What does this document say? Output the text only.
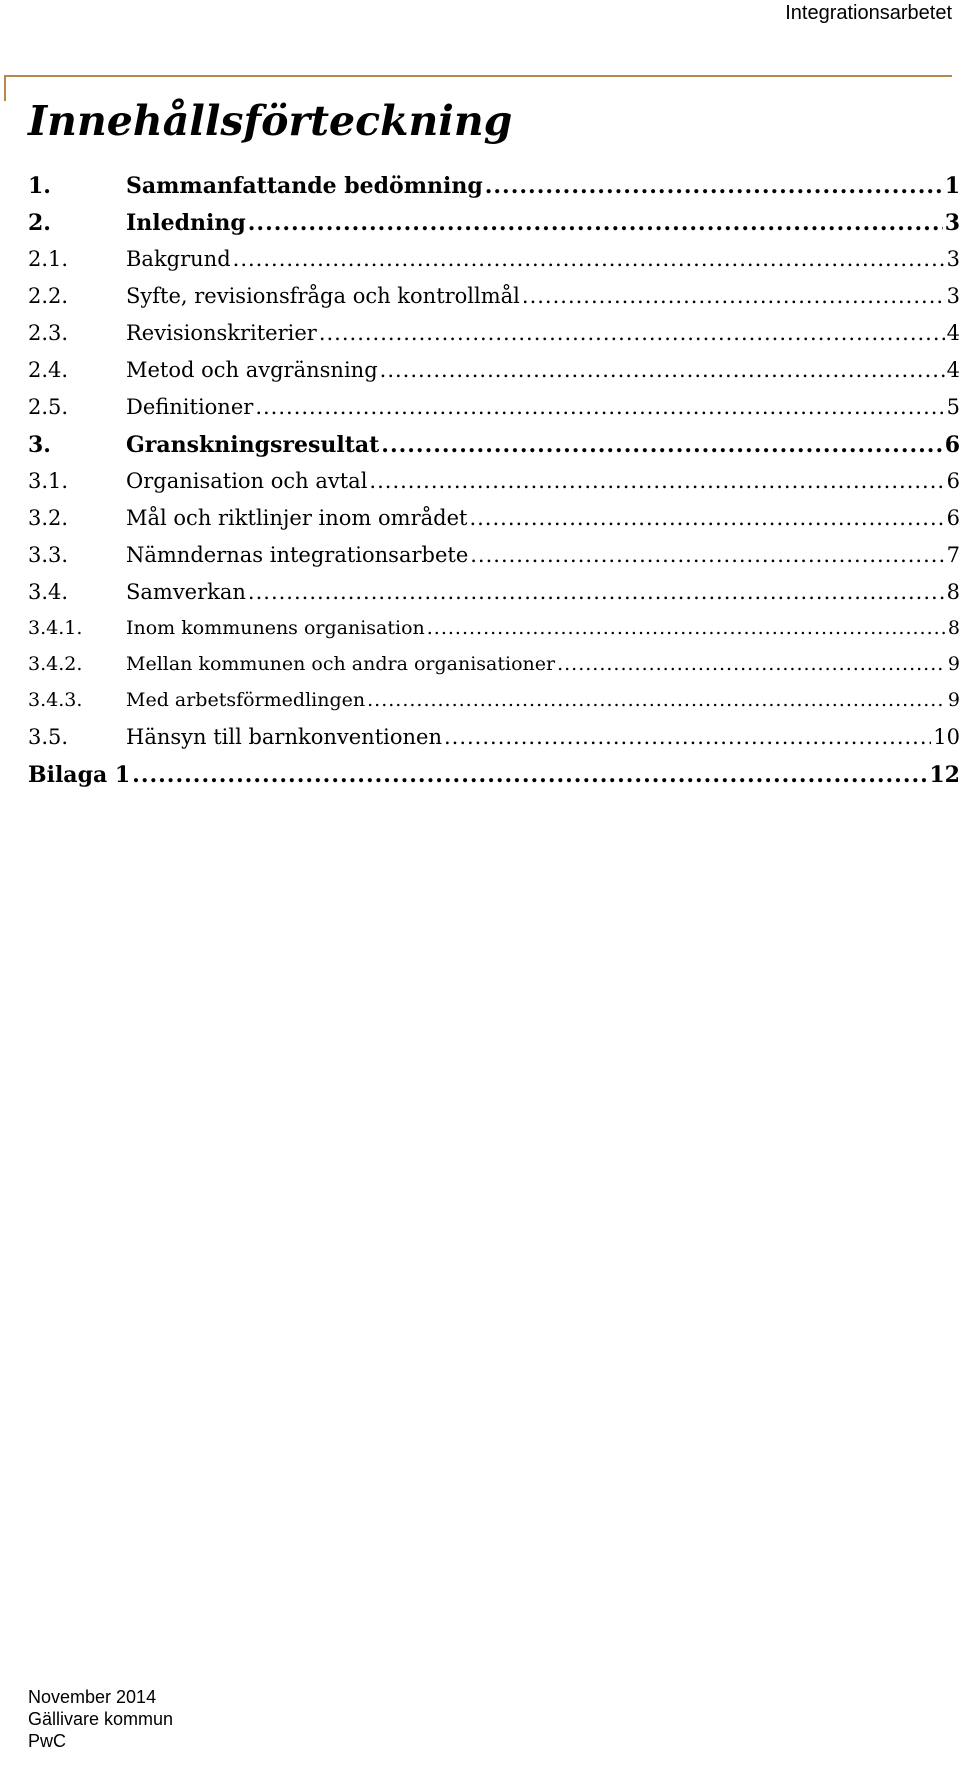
Integrationsarbetet
Innehållsförteckning
1.	Sammanfattande bedömning .....	1
2.	Inledning .....	3
2.1.	Bakgrund .....	3
2.2.	Syfte, revisionsfråga och kontrollmål .....	3
2.3.	Revisionskriterier .....	4
2.4.	Metod och avgränsning .....	4
2.5.	Definitioner .....	5
3.	Granskningsresultat .....	6
3.1.	Organisation och avtal .....	6
3.2.	Mål och riktlinjer inom området .....	6
3.3.	Nämndernas integrationsarbete .....	7
3.4.	Samverkan .....	8
3.4.1.	Inom kommunens organisation .....	8
3.4.2.	Mellan kommunen och andra organisationer .....	9
3.4.3.	Med arbetsförmedlingen .....	9
3.5.	Hänsyn till barnkonventionen .....	10
Bilaga 1 .....	12
November 2014
Gällivare kommun
PwC
